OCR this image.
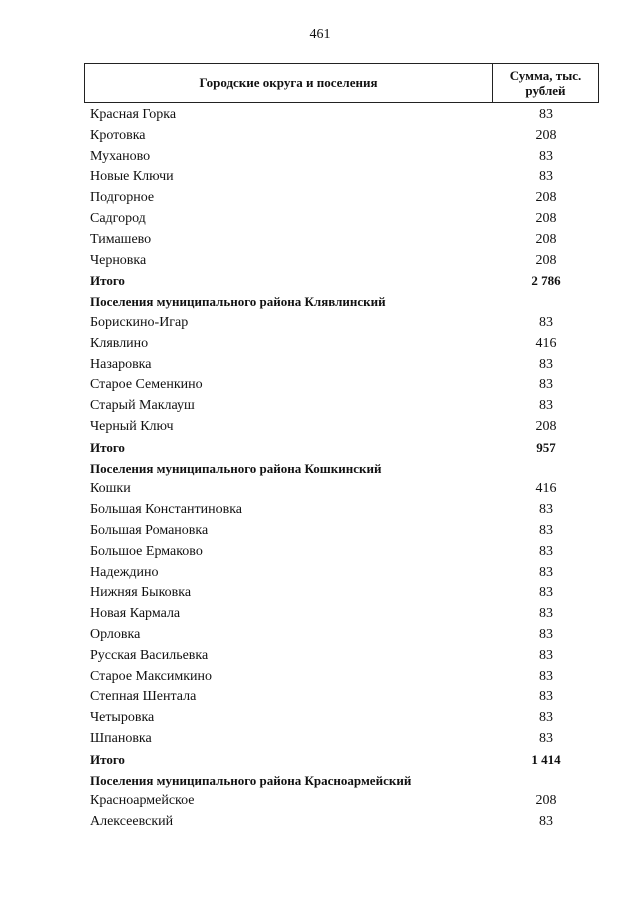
461
Городские округа и поселения	Сумма, тыс.
рублей
Красная Горка	83
Кротовка	208
Муханово	83
Новые Ключи	83
Подгорное	208
Садгород	208
Тимашево	208
Черновка	208
Итого	2 786
Поселения муниципального района Клявлинский
Борискино-Игар	83
Клявлино	416
Назаровка	83
Старое Семенкино	83
Старый Маклауш	83
Черный Ключ	208
Итого	957
Поселения муниципального района Кошкинский
Кошки	416
Большая Константиновка	83
Большая Романовка	83
Большое Ермаково	83
Надеждино	83
Нижняя Быковка	83
Новая Кармала	83
Орловка	83
Русская Васильевка	83
Старое Максимкино	83
Степная Шентала	83
Четыровка	83
Шпановка	83
Итого	1 414
Поселения муниципального района Красноармейский
Красноармейское	208
Алексеевский	83
